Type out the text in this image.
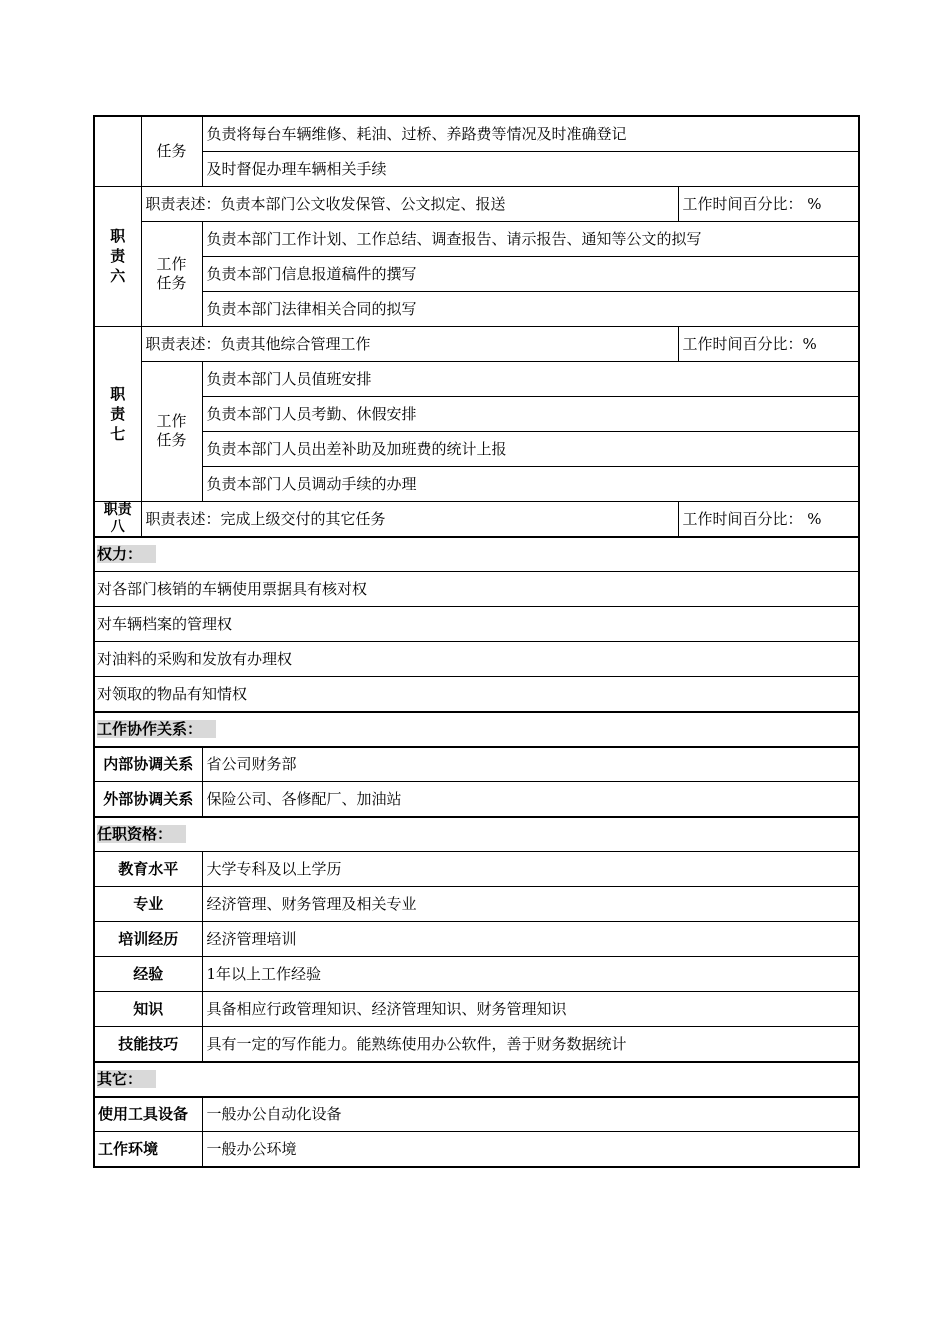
	任务	负责将每台车辆维修、耗油、过桥、养路费等情况及时准确登记	
		及时督促办理车辆相关手续	
职责六	职责表述：负责本部门公文收发保管、公文拟定、报送		工作时间百分比： %
	工作任务	负责本部门工作计划、工作总结、调查报告、请示报告、通知等公文的拟写	
		负责本部门信息报道稿件的撰写	
		负责本部门法律相关合同的拟写	
职责七	职责表述：负责其他综合管理工作		工作时间百分比：%
	工作任务	负责本部门人员值班安排	
		负责本部门人员考勤、休假安排	
		负责本部门人员出差补助及加班费的统计上报	
		负责本部门人员调动手续的办理	
职责八	职责表述：完成上级交付的其它任务		工作时间百分比： %
权力：			
对各部门核销的车辆使用票据具有核对权			
对车辆档案的管理权			
对油料的采购和发放有办理权			
对领取的物品有知情权			
工作协作关系：			
内部协调关系		省公司财务部	
外部协调关系		保险公司、各修配厂、加油站	
任职资格：			
教育水平		大学专科及以上学历	
专业		经济管理、财务管理及相关专业	
培训经历		经济管理培训	
经验		1年以上工作经验	
知识		具备相应行政管理知识、经济管理知识、财务管理知识	
技能技巧		具有一定的写作能力。能熟练使用办公软件，善于财务数据统计	
其它：			
使用工具设备		一般办公自动化设备	
工作环境		一般办公环境	
